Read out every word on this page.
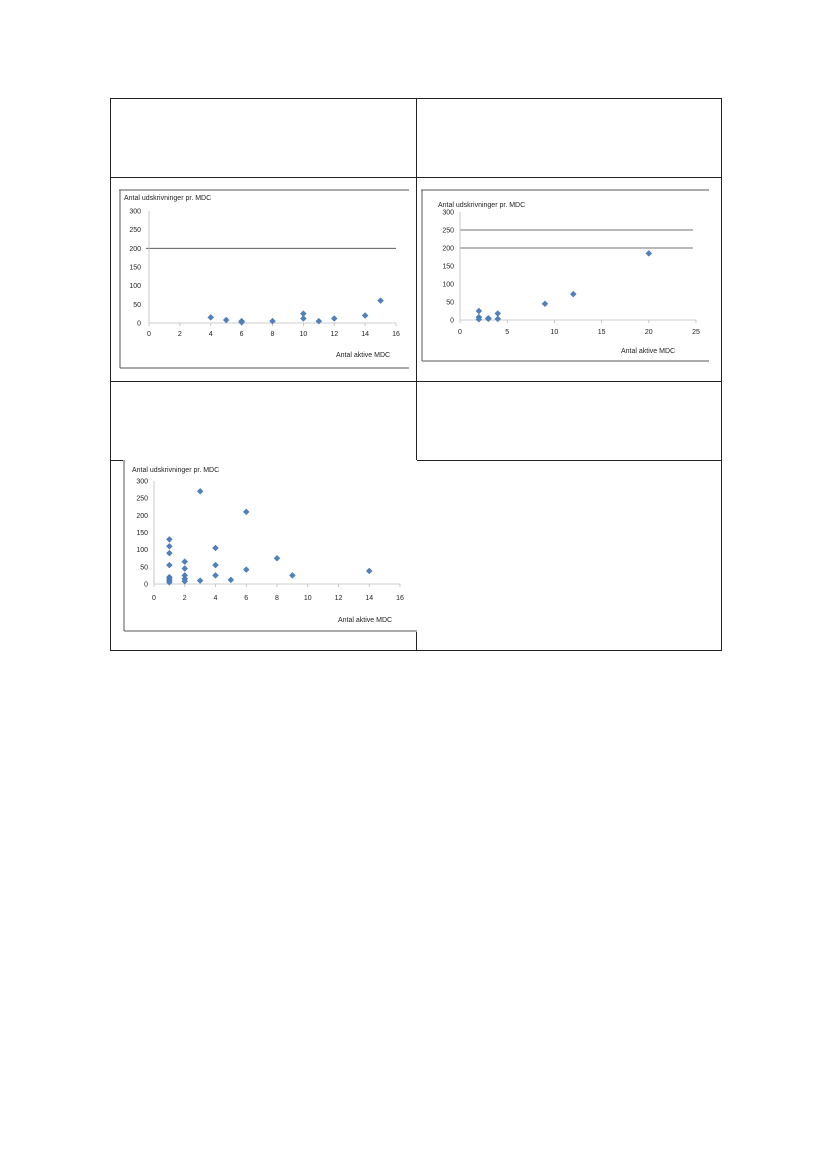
Antal udskrivninger pr. MDC
Antal aktive MDC
300
250
200
150
100
50
0
0	2	4	6	8	10	12	14	16
Antal udskrivninger pr. MDC
Antal aktive MDC
300
250
200
150
100
50
0
0	5	10	15	20	25
Antal udskrivninger pr. MDC
Antal aktive MDC
300
250
200
150
100
50
0
0	2	4	6	8	10	12	14	16
